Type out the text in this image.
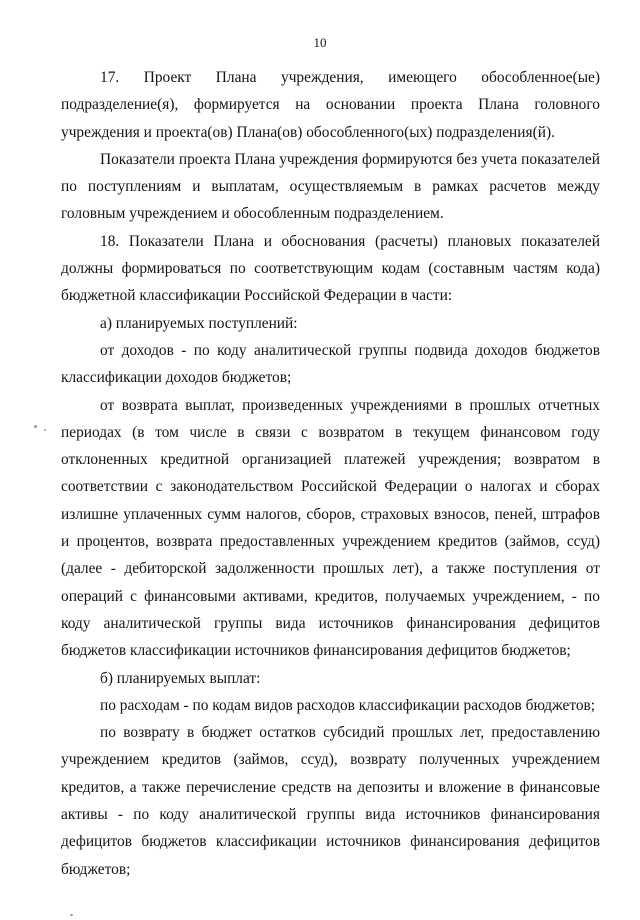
10

17. Проект Плана учреждения, имеющего обособленное(ые) подразделение(я), формируется на основании проекта Плана головного учреждения и проекта(ов) Плана(ов) обособленного(ых) подразделения(й).

Показатели проекта Плана учреждения формируются без учета показателей по поступлениям и выплатам, осуществляемым в рамках расчетов между головным учреждением и обособленным подразделением.

18. Показатели Плана и обоснования (расчеты) плановых показателей должны формироваться по соответствующим кодам (составным частям кода) бюджетной классификации Российской Федерации в части:

а) планируемых поступлений:

от доходов - по коду аналитической группы подвида доходов бюджетов классификации доходов бюджетов;

от возврата выплат, произведенных учреждениями в прошлых отчетных периодах (в том числе в связи с возвратом в текущем финансовом году отклоненных кредитной организацией платежей учреждения; возвратом в соответствии с законодательством Российской Федерации о налогах и сборах излишне уплаченных сумм налогов, сборов, страховых взносов, пеней, штрафов и процентов, возврата предоставленных учреждением кредитов (займов, ссуд) (далее - дебиторской задолженности прошлых лет), а также поступления от операций с финансовыми активами, кредитов, получаемых учреждением, - по коду аналитической группы вида источников финансирования дефицитов бюджетов классификации источников финансирования дефицитов бюджетов;

б) планируемых выплат:

по расходам - по кодам видов расходов классификации расходов бюджетов;

по возврату в бюджет остатков субсидий прошлых лет, предоставлению учреждением кредитов (займов, ссуд), возврату полученных учреждением кредитов, а также перечисление средств на депозиты и вложение в финансовые активы - по коду аналитической группы вида источников финансирования дефицитов бюджетов классификации источников финансирования дефицитов бюджетов;
